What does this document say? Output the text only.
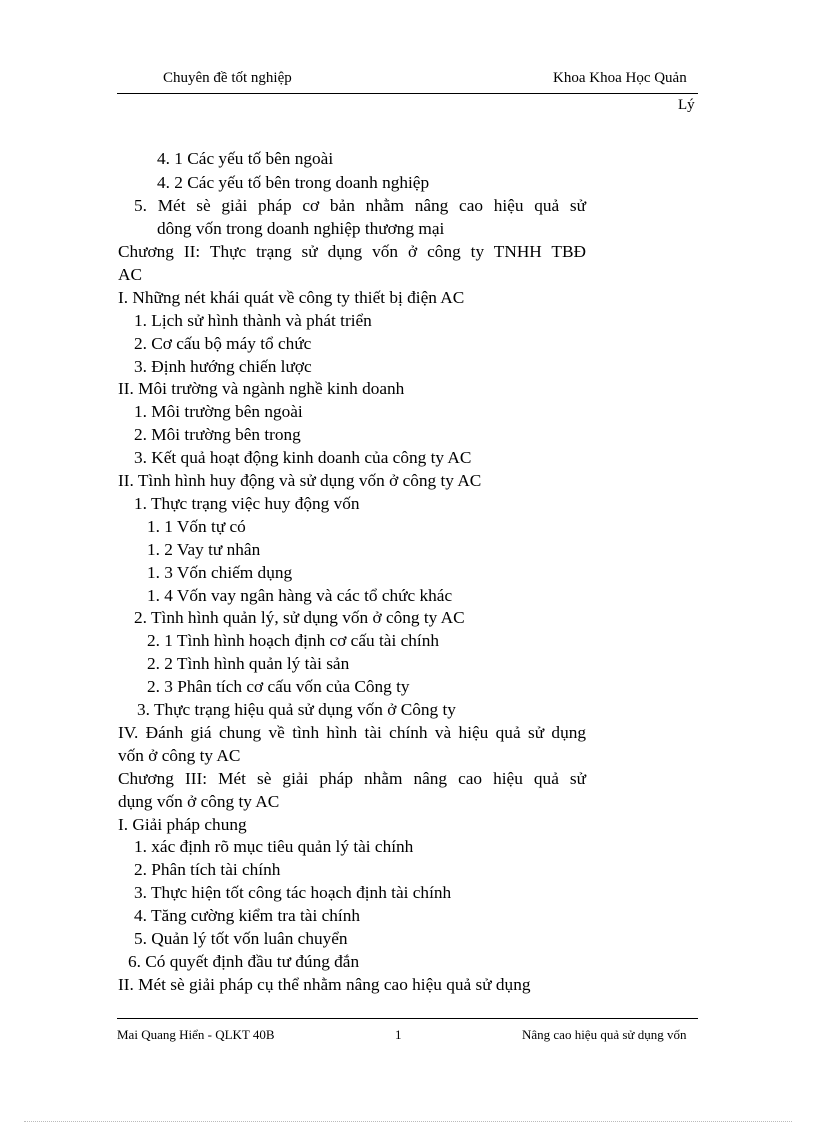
Chuyên đề tốt nghiệp	Khoa Khoa Học Quản
Lý
4. 1 Các yếu tố bên ngoài
4. 2 Các yếu tố bên trong doanh nghiệp
5. Mét sè giải pháp cơ bản nhằm nâng cao hiệu quả sử
dông vốn trong doanh nghiệp thương mại
Chương II: Thực trạng sử dụng vốn ở công ty TNHH TBĐ
AC
I. Những nét khái quát về công ty thiết bị điện AC
1. Lịch sử hình thành và phát triển
2. Cơ cấu bộ máy tổ chức
3. Định hướng chiến lược
II. Môi trường và ngành nghề kinh doanh
1. Môi trường bên ngoài
2. Môi trường bên trong
3. Kết quả hoạt động kinh doanh của công ty AC
II. Tình hình huy động và sử dụng vốn ở công ty AC
1. Thực trạng việc huy động vốn
1. 1 Vốn tự có
1. 2 Vay tư nhân
1. 3 Vốn chiếm dụng
1. 4 Vốn vay ngân hàng và các tổ chức khác
2. Tình hình quản lý, sử dụng vốn ở công ty AC
2. 1 Tình hình hoạch định cơ cấu tài chính
2. 2 Tình hình quản lý tài sản
2. 3 Phân tích cơ cấu vốn của Công ty
3. Thực trạng hiệu quả sử dụng vốn ở Công ty
IV. Đánh giá chung về tình hình tài chính và hiệu quả sử dụng
vốn ở công ty AC
Chương III: Mét sè giải pháp nhằm nâng cao hiệu quả sử
dụng vốn ở công ty AC
I. Giải pháp chung
1. xác định rõ mục tiêu quản lý tài chính
2. Phân tích tài chính
3. Thực hiện tốt công tác hoạch định tài chính
4. Tăng cường kiểm tra tài chính
5. Quản lý tốt vốn luân chuyển
6. Có quyết định đầu tư đúng đắn
II. Mét sè giải pháp cụ thể nhằm nâng cao hiệu quả sử dụng
Mai Quang Hiển - QLKT 40B	1	Nâng cao hiệu quả sử dụng vốn
